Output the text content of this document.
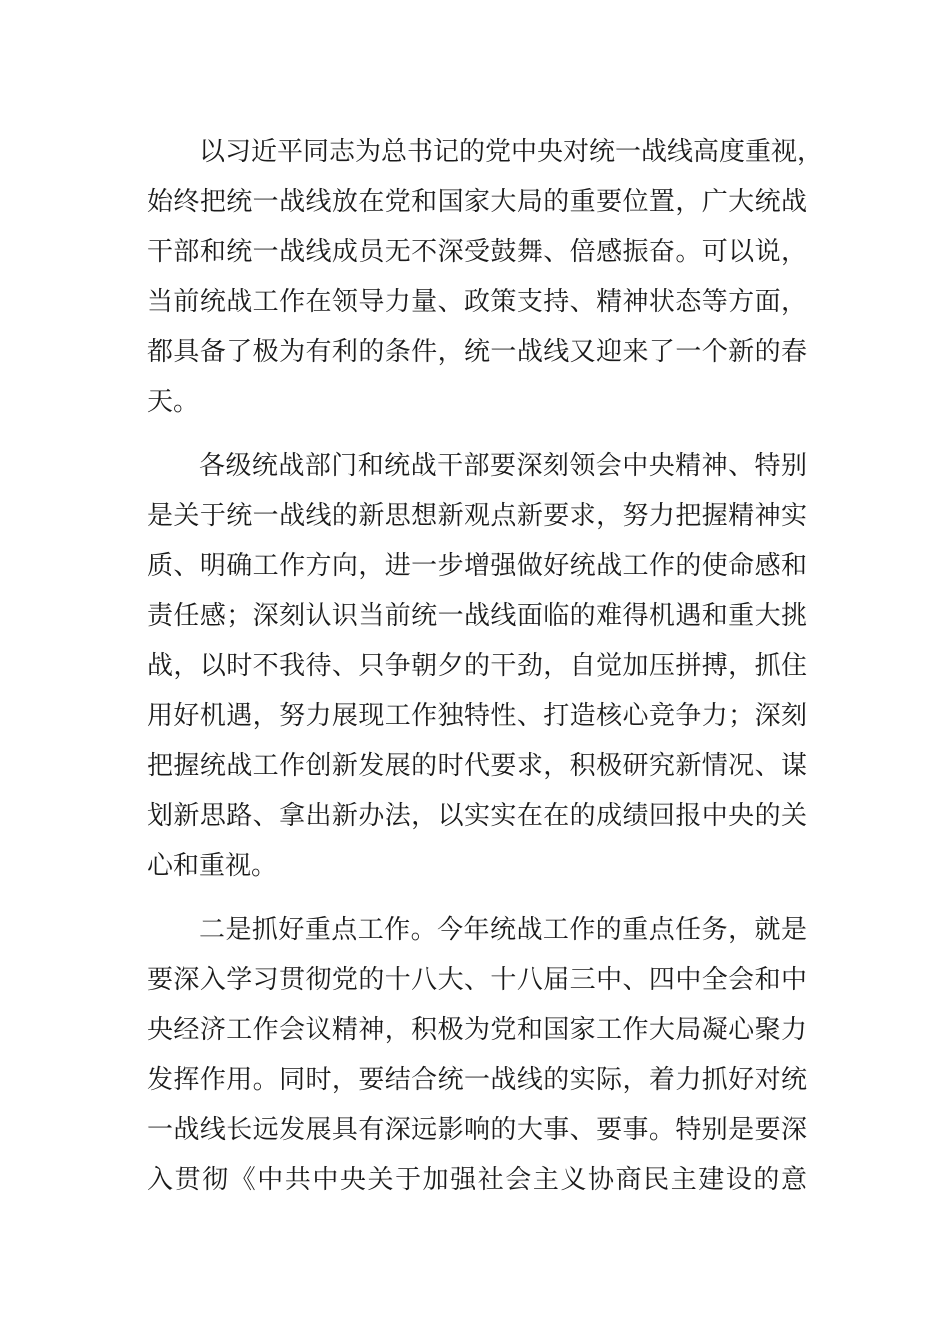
以习近平同志为总书记的党中央对统一战线高度重视，
始终把统一战线放在党和国家大局的重要位置，广大统战
干部和统一战线成员无不深受鼓舞、倍感振奋。可以说，
当前统战工作在领导力量、政策支持、精神状态等方面，
都具备了极为有利的条件，统一战线又迎来了一个新的春
天。
各级统战部门和统战干部要深刻领会中央精神、特别
是关于统一战线的新思想新观点新要求，努力把握精神实
质、明确工作方向，进一步增强做好统战工作的使命感和
责任感；深刻认识当前统一战线面临的难得机遇和重大挑
战，以时不我待、只争朝夕的干劲，自觉加压拼搏，抓住
用好机遇，努力展现工作独特性、打造核心竞争力；深刻
把握统战工作创新发展的时代要求，积极研究新情况、谋
划新思路、拿出新办法，以实实在在的成绩回报中央的关
心和重视。
二是抓好重点工作。今年统战工作的重点任务，就是
要深入学习贯彻党的十八大、十八届三中、四中全会和中
央经济工作会议精神，积极为党和国家工作大局凝心聚力
发挥作用。同时，要结合统一战线的实际，着力抓好对统
一战线长远发展具有深远影响的大事、要事。特别是要深
入贯彻《中共中央关于加强社会主义协商民主建设的意
